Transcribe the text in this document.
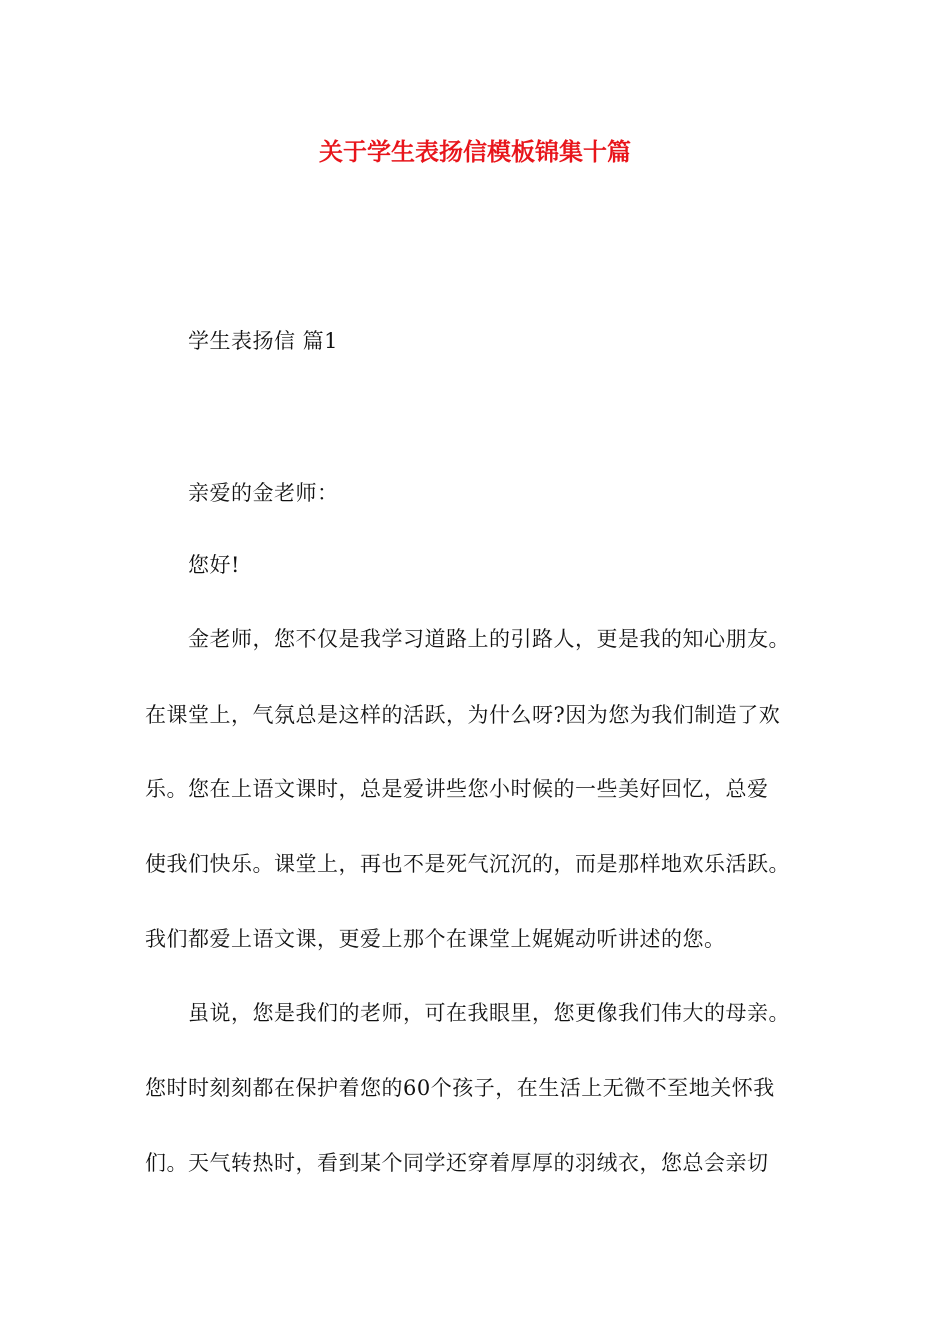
关于学生表扬信模板锦集十篇
学生表扬信 篇1
亲爱的金老师：
您好!
金老师，您不仅是我学习道路上的引路人，更是我的知心朋友。
在课堂上，气氛总是这样的活跃，为什么呀?因为您为我们制造了欢
乐。您在上语文课时，总是爱讲些您小时候的一些美好回忆，总爱
使我们快乐。课堂上，再也不是死气沉沉的，而是那样地欢乐活跃。
我们都爱上语文课，更爱上那个在课堂上娓娓动听讲述的您。
虽说，您是我们的老师，可在我眼里，您更像我们伟大的母亲。
您时时刻刻都在保护着您的60个孩子，在生活上无微不至地关怀我
们。天气转热时，看到某个同学还穿着厚厚的羽绒衣，您总会亲切
